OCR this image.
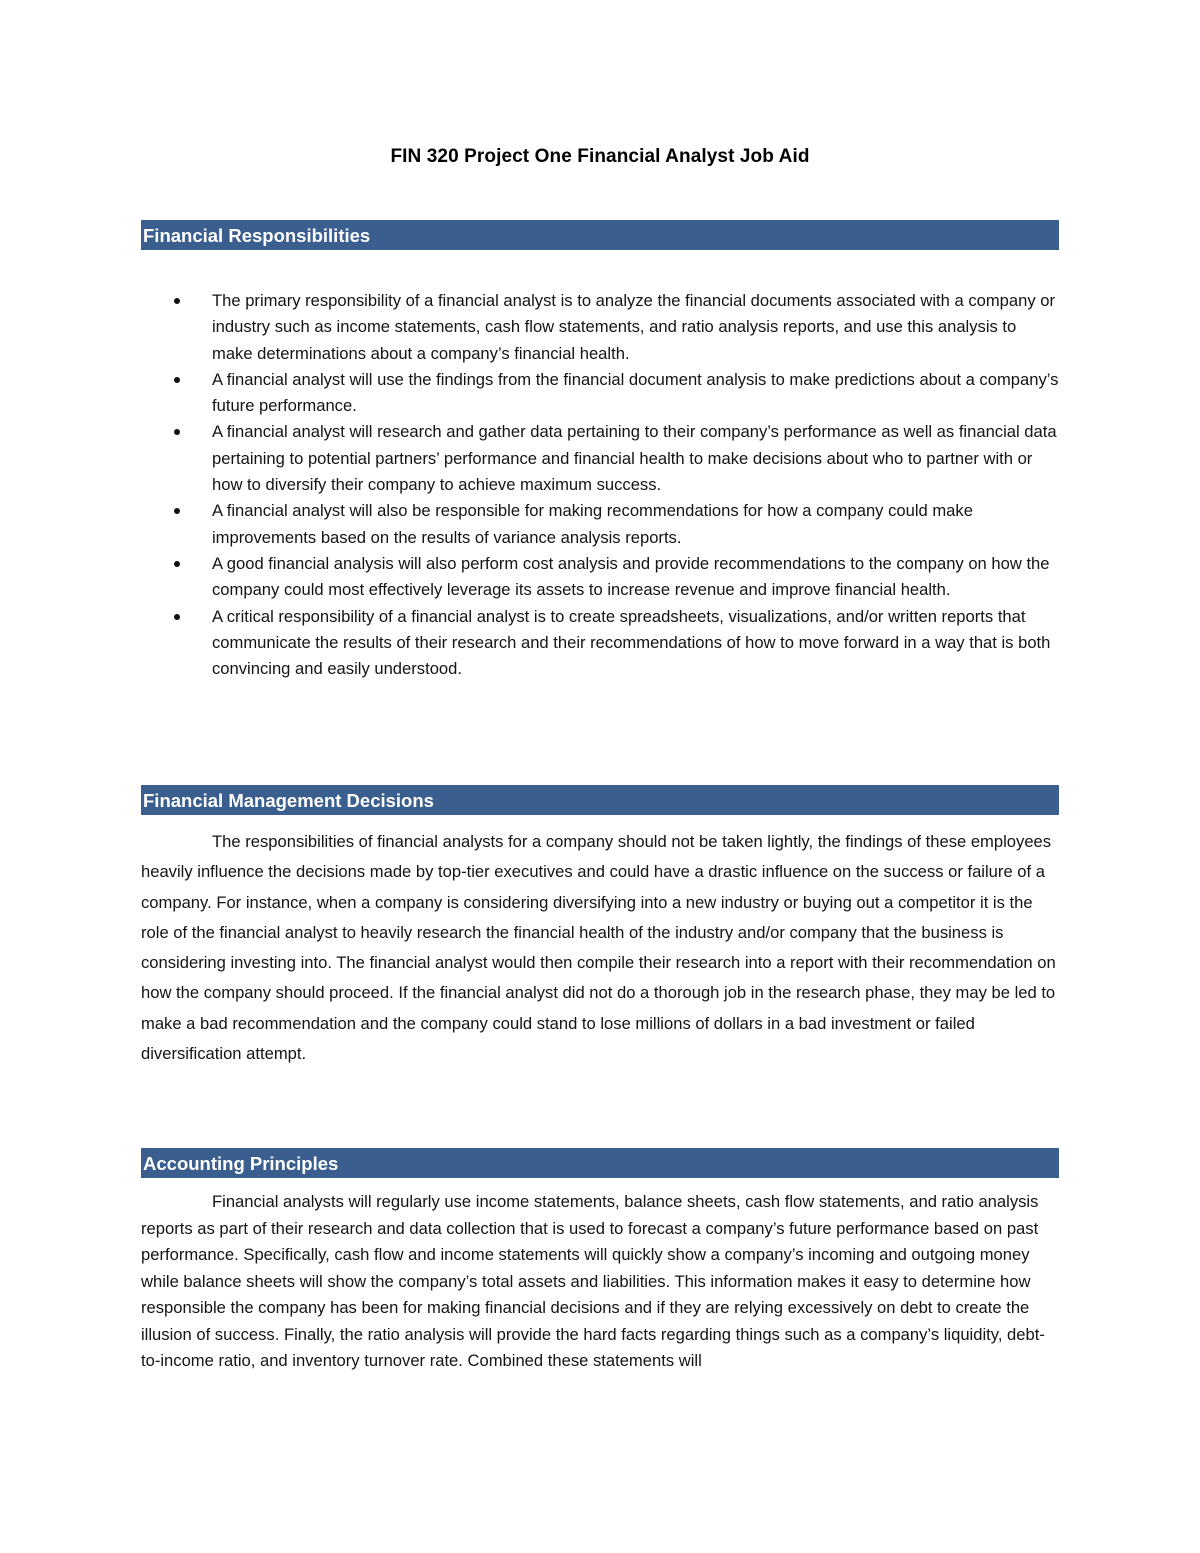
FIN 320 Project One Financial Analyst Job Aid
Financial Responsibilities
The primary responsibility of a financial analyst is to analyze the financial documents associated with a company or industry such as income statements, cash flow statements, and ratio analysis reports, and use this analysis to make determinations about a company’s financial health.
A financial analyst will use the findings from the financial document analysis to make predictions about a company’s future performance.
A financial analyst will research and gather data pertaining to their company’s performance as well as financial data pertaining to potential partners’ performance and financial health to make decisions about who to partner with or how to diversify their company to achieve maximum success.
A financial analyst will also be responsible for making recommendations for how a company could make improvements based on the results of variance analysis reports.
A good financial analysis will also perform cost analysis and provide recommendations to the company on how the company could most effectively leverage its assets to increase revenue and improve financial health.
A critical responsibility of a financial analyst is to create spreadsheets, visualizations, and/or written reports that communicate the results of their research and their recommendations of how to move forward in a way that is both convincing and easily understood.
Financial Management Decisions

The responsibilities of financial analysts for a company should not be taken lightly, the findings of these employees heavily influence the decisions made by top-tier executives and could have a drastic influence on the success or failure of a company. For instance, when a company is considering diversifying into a new industry or buying out a competitor it is the role of the financial analyst to heavily research the financial health of the industry and/or company that the business is considering investing into. The financial analyst would then compile their research into a report with their recommendation on how the company should proceed. If the financial analyst did not do a thorough job in the research phase, they may be led to make a bad recommendation and the company could stand to lose millions of dollars in a bad investment or failed diversification attempt.

Accounting Principles

Financial analysts will regularly use income statements, balance sheets, cash flow statements, and ratio analysis reports as part of their research and data collection that is used to forecast a company’s future performance based on past performance. Specifically, cash flow and income statements will quickly show a company’s incoming and outgoing money while balance sheets will show the company’s total assets and liabilities. This information makes it easy to determine how responsible the company has been for making financial decisions and if they are relying excessively on debt to create the illusion of success. Finally, the ratio analysis will provide the hard facts regarding things such as a company’s liquidity, debt-to-income ratio, and inventory turnover rate. Combined these statements will
